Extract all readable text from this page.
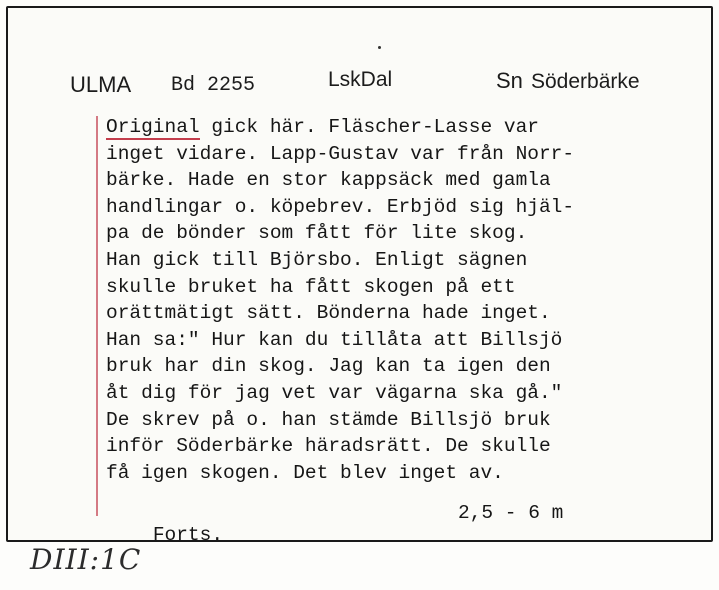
ULMA Bd 2255	LskDal	Sn Söderbärke
Original gick här. Fläscher-Lasse var
inget vidare. Lapp-Gustav var från Norr-
bärke. Hade en stor kappsäck med gamla
handlingar o. köpebrev. Erbjöd sig hjäl-
pa de bönder som fått för lite skog.
Han gick till Björsbo. Enligt sägnen
skulle bruket ha fått skogen på ett
orättmätigt sätt. Bönderna hade inget.
Han sa:" Hur kan du tillåta att Billsjö
bruk har din skog. Jag kan ta igen den
åt dig för jag vet var vägarna ska gå."
De skrev på o. han stämde Billsjö bruk
inför Söderbärke häradsrätt. De skulle
få igen skogen. Det blev inget av.

Forts.

2,5 - 6 m

DIII:1C
